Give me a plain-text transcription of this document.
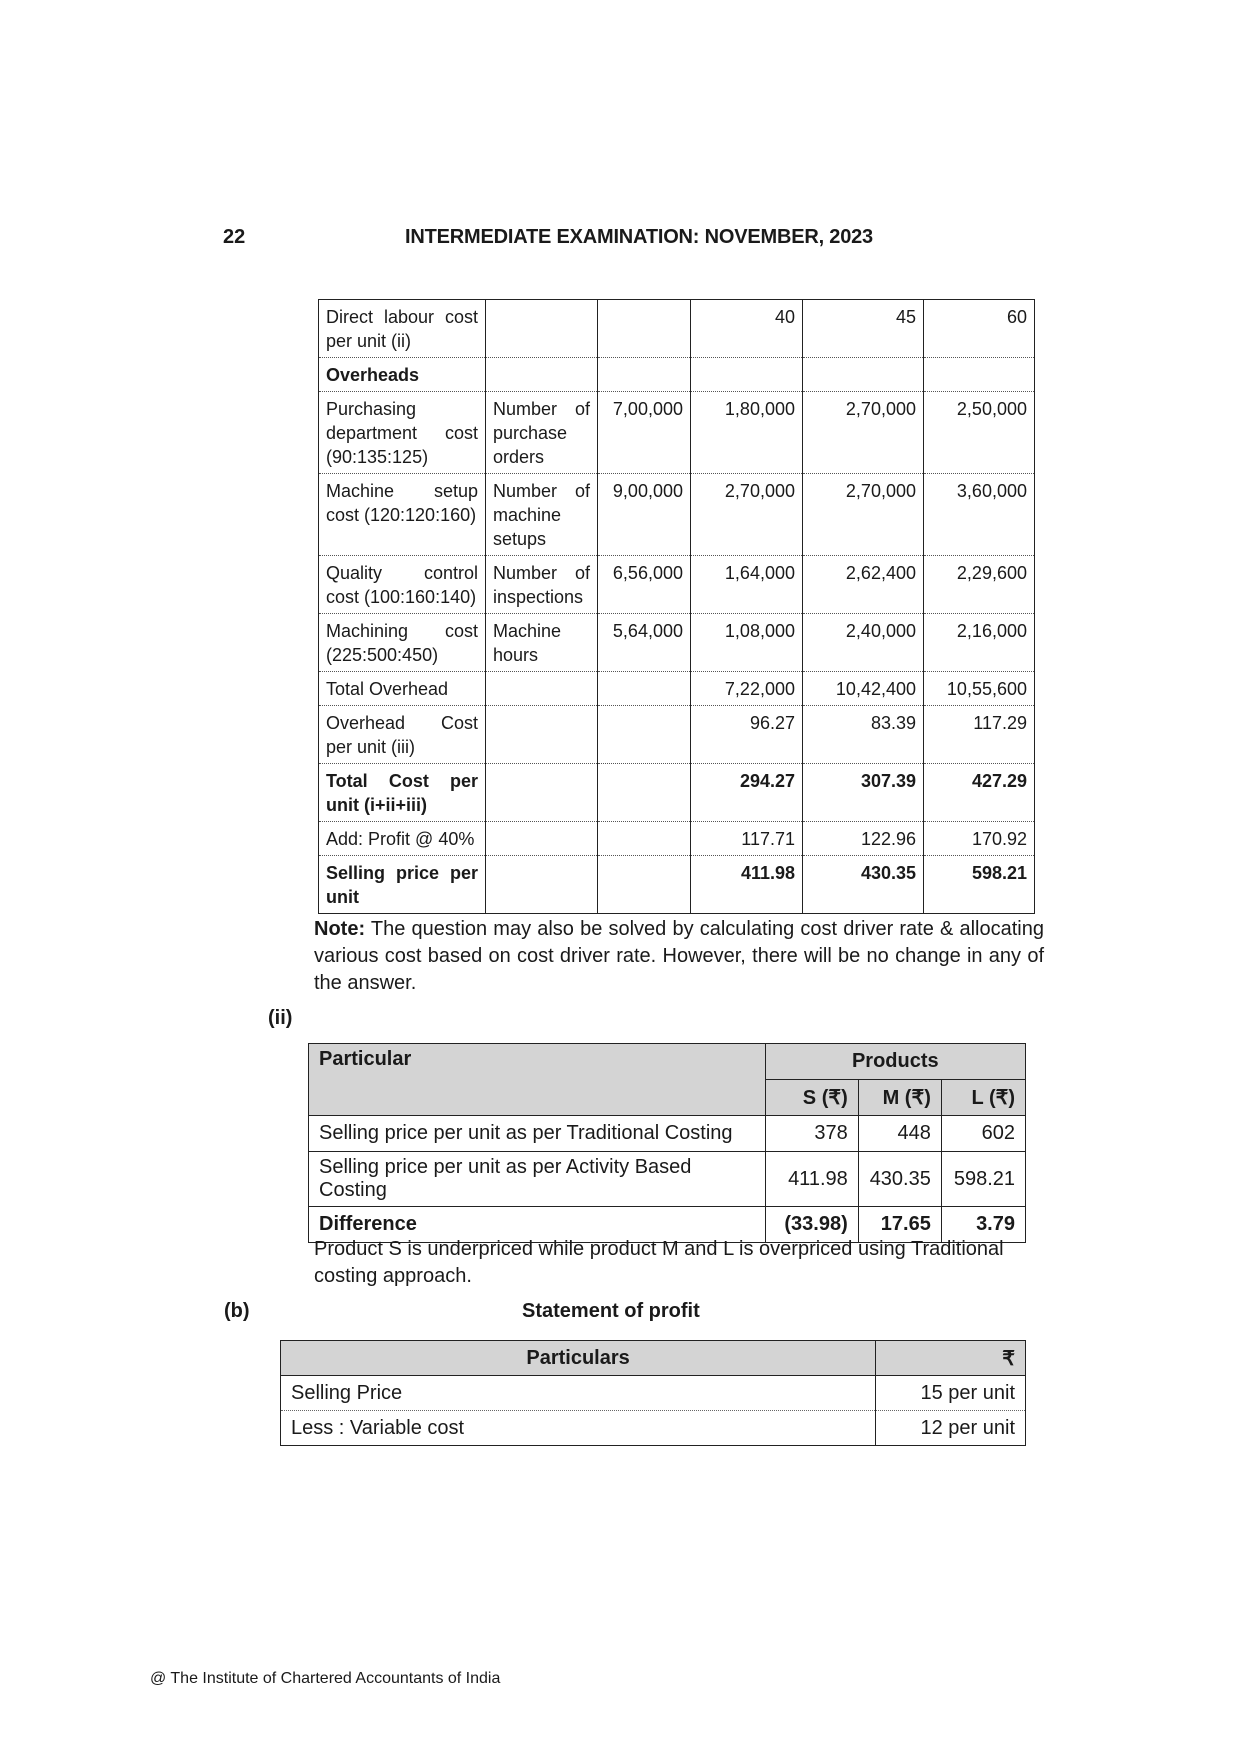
22	INTERMEDIATE EXAMINATION: NOVEMBER, 2023
Direct labour cost per unit (ii)			40	45	60
Overheads					
Purchasing department cost (90:135:125)	Number of purchase orders	7,00,000	1,80,000	2,70,000	2,50,000
Machine setup cost (120:120:160)	Number of machine setups	9,00,000	2,70,000	2,70,000	3,60,000
Quality control cost (100:160:140)	Number of inspections	6,56,000	1,64,000	2,62,400	2,29,600
Machining cost (225:500:450)	Machine hours	5,64,000	1,08,000	2,40,000	2,16,000
Total Overhead			7,22,000	10,42,400	10,55,600
Overhead Cost per unit (iii)			96.27	83.39	117.29
Total Cost per unit (i+ii+iii)			294.27	307.39	427.29
Add: Profit @ 40%			117.71	122.96	170.92
Selling price per unit			411.98	430.35	598.21
Note: The question may also be solved by calculating cost driver rate & allocating various cost based on cost driver rate. However, there will be no change in any of the answer.
(ii)
Particular	Products		
	S (₹)	M (₹)	L (₹)
Selling price per unit as per Traditional Costing	378	448	602
Selling price per unit as per Activity Based Costing	411.98	430.35	598.21
Difference	(33.98)	17.65	3.79
Product S is underpriced while product M and L is overpriced using Traditional costing approach.
(b)	Statement of profit
Particulars	₹
Selling Price	15 per unit
Less : Variable cost	12 per unit
@ The Institute of Chartered Accountants of India
